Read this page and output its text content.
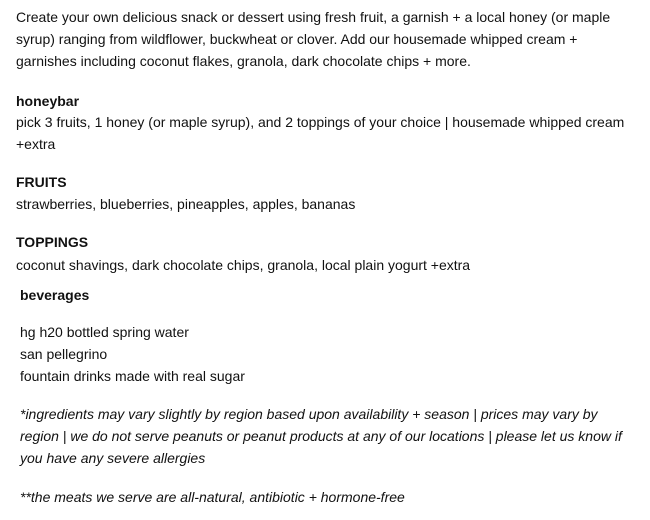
Create your own delicious snack or dessert using fresh fruit, a garnish + a local honey (or maple syrup) ranging from wildflower, buckwheat or clover. Add our housemade whipped cream + garnishes including coconut flakes, granola, dark chocolate chips + more.

honeybar

pick 3 fruits, 1 honey (or maple syrup), and 2 toppings of your choice | housemade whipped cream +extra

FRUITS

strawberries, blueberries, pineapples, apples, bananas

TOPPINGS

coconut shavings, dark chocolate chips, granola, local plain yogurt +extra

beverages

hg h20 bottled spring water

san pellegrino

fountain drinks made with real sugar

*ingredients may vary slightly by region based upon availability + season | prices may vary by region | we do not serve peanuts or peanut products at any of our locations | please let us know if you have any severe allergies

**the meats we serve are all-natural, antibiotic + hormone-free
